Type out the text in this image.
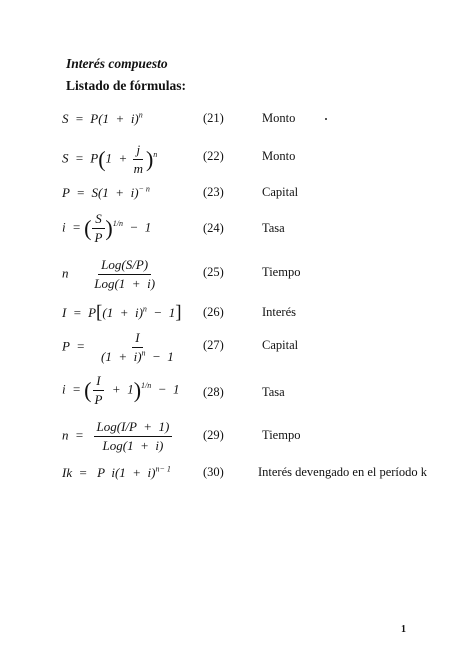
Interés compuesto
Listado de fórmulas:
$S = P(1 + i)^n$	(21)	Monto
$S = P(1 + \frac{j}{m} )^n$	(22)	Monto
$P = S(1 + i)^{- n}$	(23)	Capital
i  = ( $\frac{S}{P} )^{1/n} - 1$	(24)	Tasa
n $\frac{\text{Log(S/P)}}{\text{Log(1  +  i)}}$	(25)	Tiempo
$I = P[(1 + i)^n - 1]$ (26)	Interés
$P = \frac{I}{(1 + i)^n - 1} (27)$	Capital
i  = ( $\frac{I}{P} + 1)^{1/n} - 1$ (28)	Tasa
$n = \frac{\text{Log(I/P  +  1)}}{\text{Log(1  +  i)}} (29)$	Tiempo
Ik  =   P  $i(1 + i)^{n- 1}$	(30)	Interés devengado en el período k
1
